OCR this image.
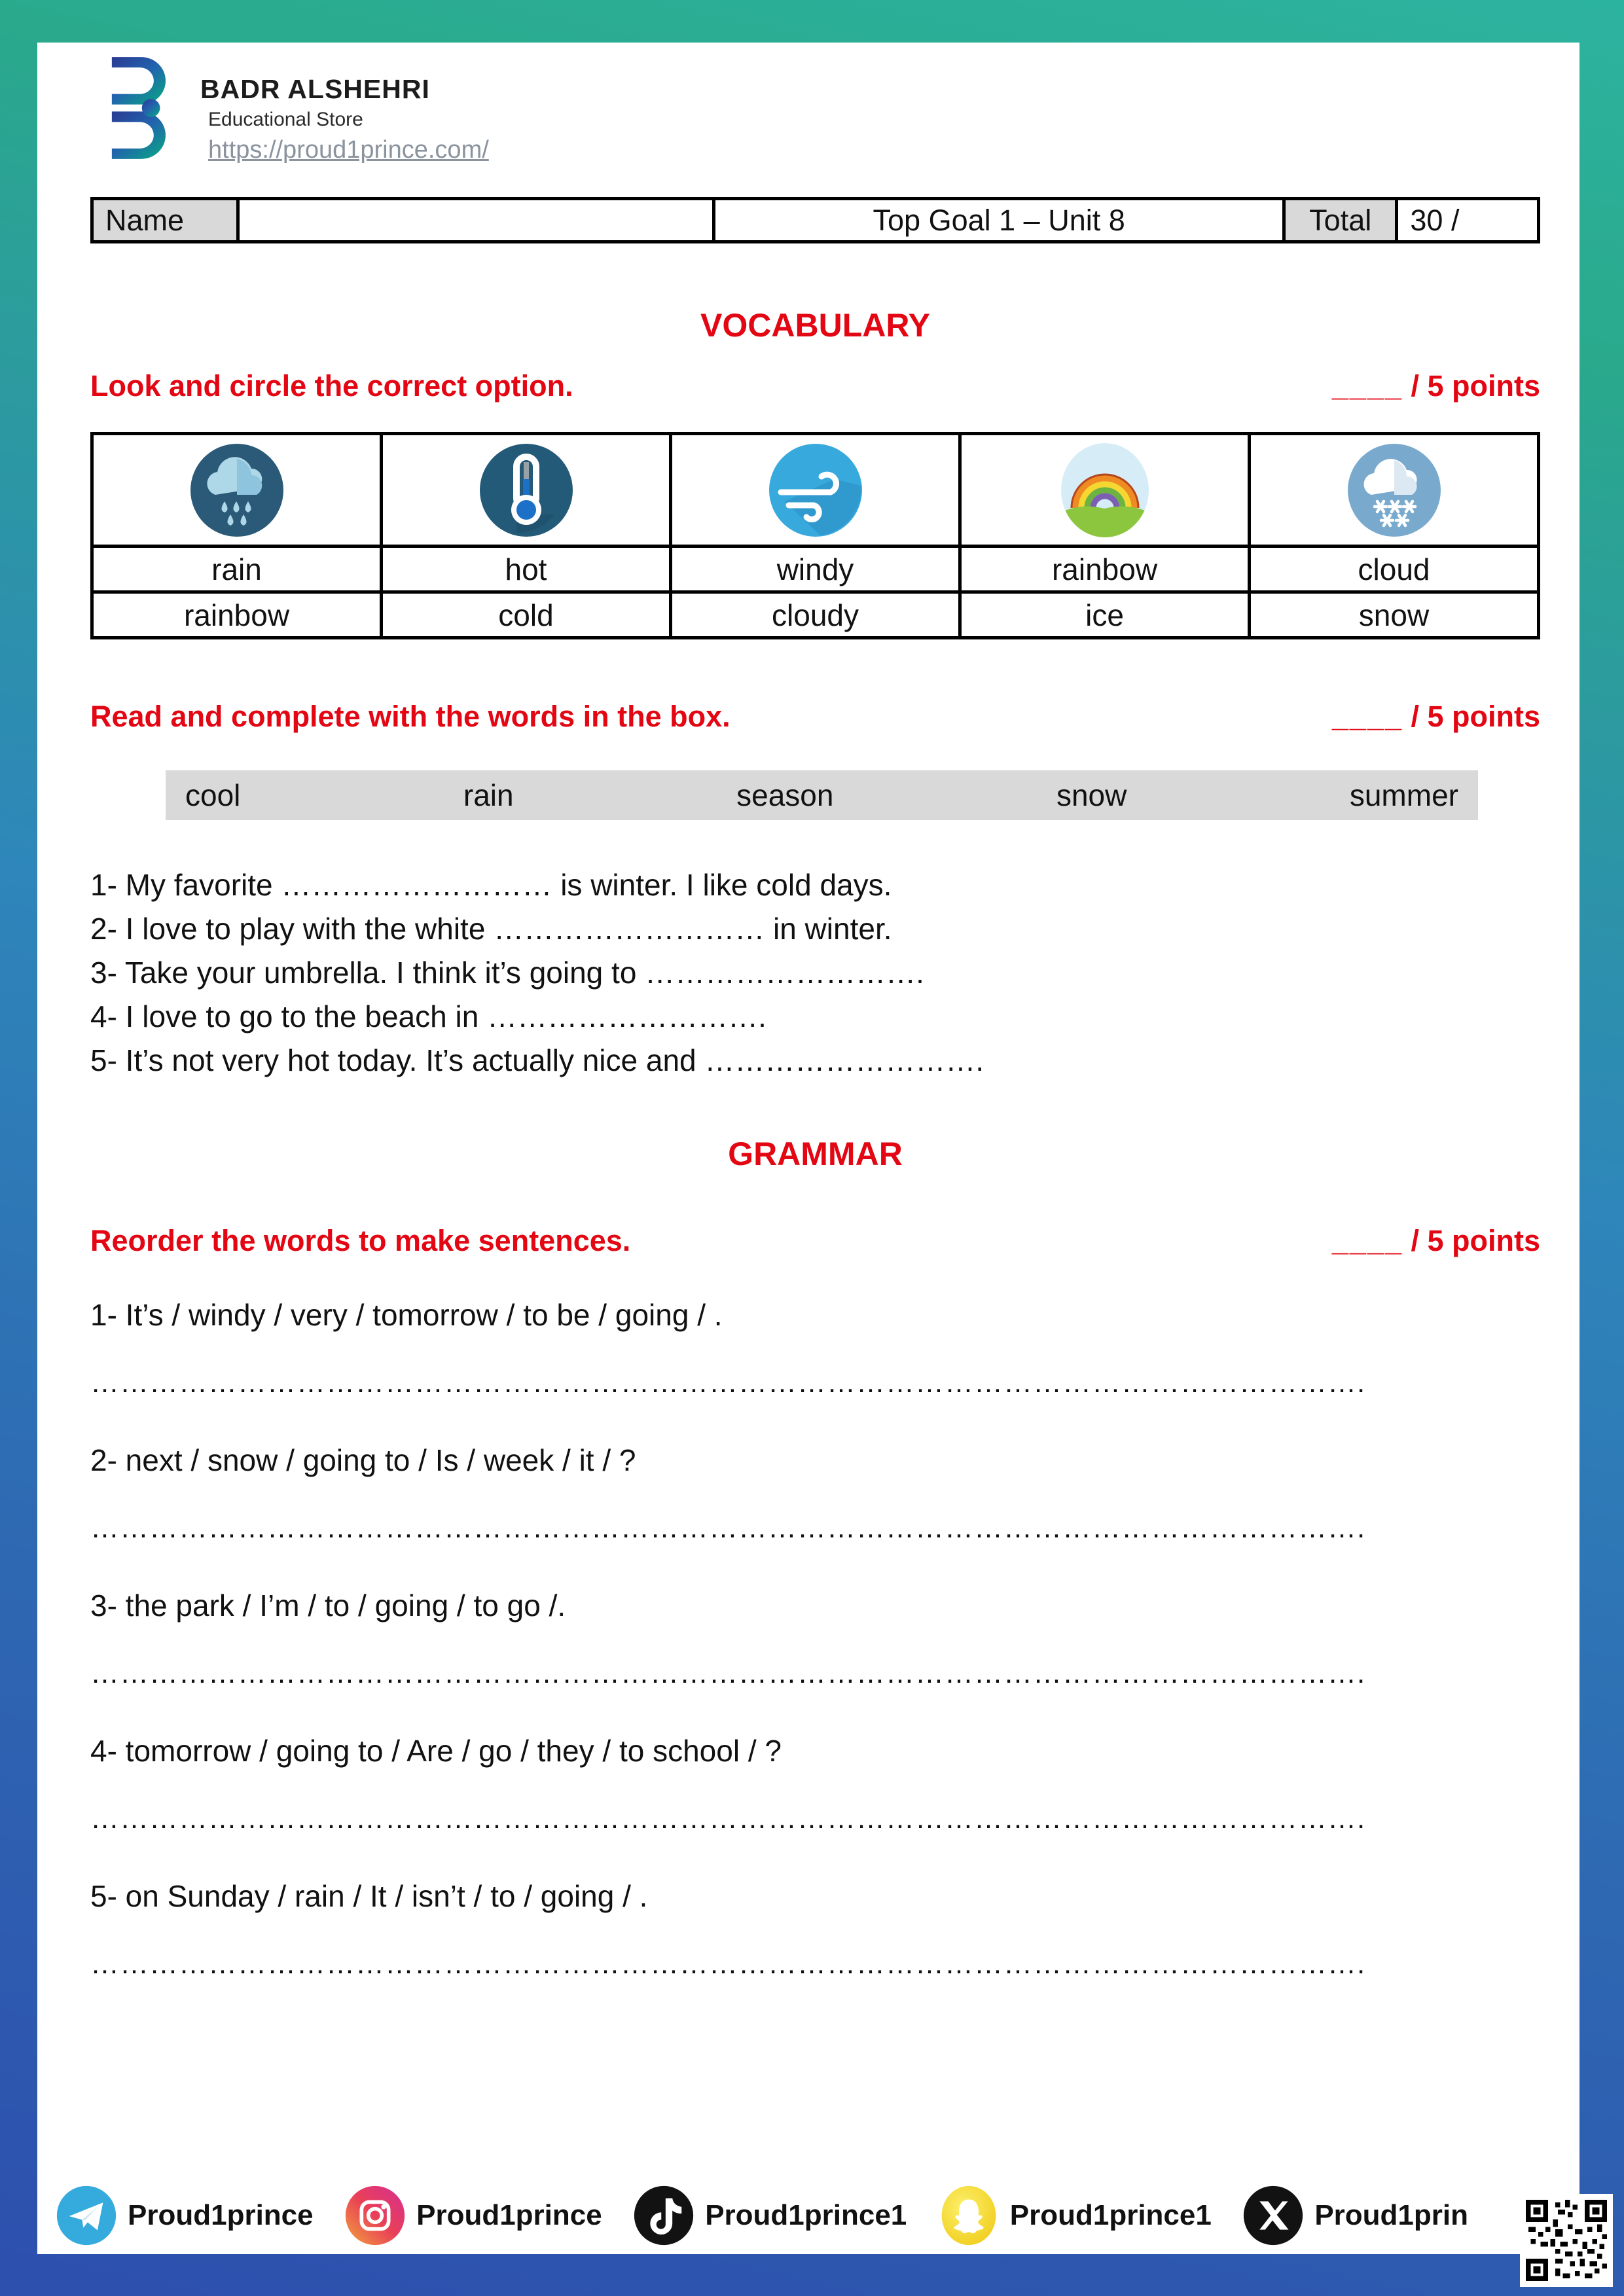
BADR ALSHEHRI
Educational Store
https://proud1prince.com/
Name		Top Goal 1 – Unit 8	Total	30 /
VOCABULARY
Look and circle the correct option.	____ / 5 points

rain	hot	windy	rainbow	cloud
rainbow	cold	cloudy	ice	snow
Read and complete with the words in the box.	____ / 5 points
cool	rain	season	snow	summer
1- My favorite ……………………… is winter. I like cold days.
2- I love to play with the white ……………………… in winter.
3- Take your umbrella. I think it’s going to ……………………….
4- I love to go to the beach in ……………………….
5- It’s not very hot today. It’s actually nice and ……………………….
GRAMMAR
Reorder the words to make sentences.	____ / 5 points
1- It’s / windy / very / tomorrow / to be / going / .
………………………………………………………………………………………………………………….
2- next / snow / going to / Is / week / it / ?
………………………………………………………………………………………………………………….
3- the park / I’m / to / going / to go /.
………………………………………………………………………………………………………………….
4- tomorrow / going to / Are / go / they / to school / ?
………………………………………………………………………………………………………………….
5- on Sunday / rain / It / isn’t / to / going / .
………………………………………………………………………………………………………………….
Proud1prince	Proud1prince	Proud1prince1	Proud1prince1	Proud1prin
